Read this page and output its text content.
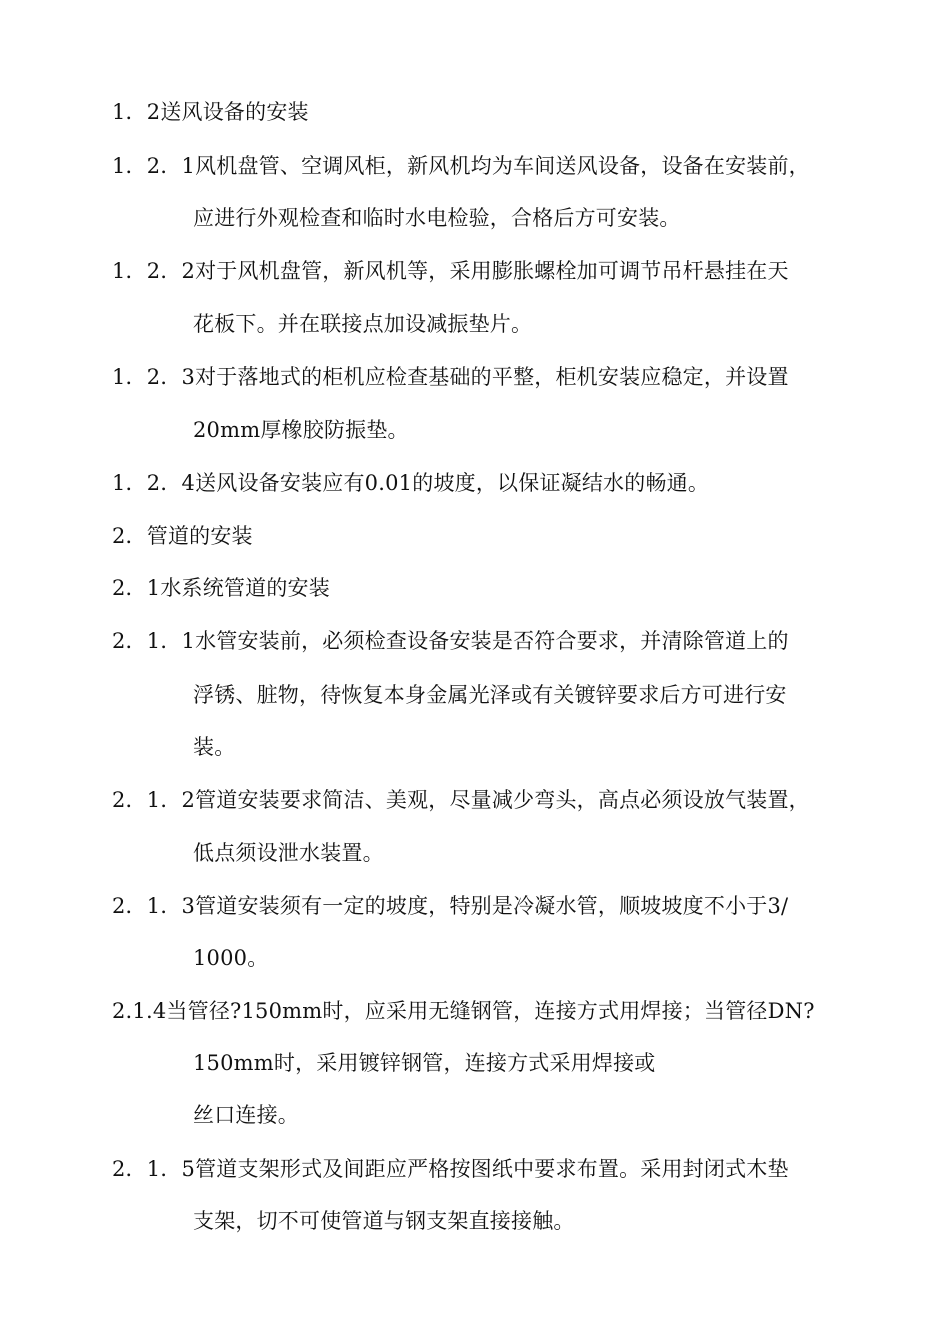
1．2送风设备的安装
1．2．1风机盘管、空调风柜，新风机均为车间送风设备，设备在安装前，
应进行外观检查和临时水电检验，合格后方可安装。
1．2．2对于风机盘管，新风机等，采用膨胀螺栓加可调节吊杆悬挂在天
花板下。并在联接点加设减振垫片。
1．2．3对于落地式的柜机应检查基础的平整，柜机安装应稳定，并设置
20mm厚橡胶防振垫。
1．2．4送风设备安装应有0.01的坡度，以保证凝结水的畅通。
2．管道的安装
2．1水系统管道的安装
2．1．1水管安装前，必须检查设备安装是否符合要求，并清除管道上的
浮锈、脏物，待恢复本身金属光泽或有关镀锌要求后方可进行安
装。
2．1．2管道安装要求简洁、美观，尽量减少弯头，高点必须设放气装置，
低点须设泄水装置。
2．1．3管道安装须有一定的坡度，特别是冷凝水管，顺坡坡度不小于3/
1000。
2.1.4当管径?150mm时，应采用无缝钢管，连接方式用焊接；当管径DN?
150mm时，采用镀锌钢管，连接方式采用焊接或
丝口连接。
2．1．5管道支架形式及间距应严格按图纸中要求布置。采用封闭式木垫
支架，切不可使管道与钢支架直接接触。
